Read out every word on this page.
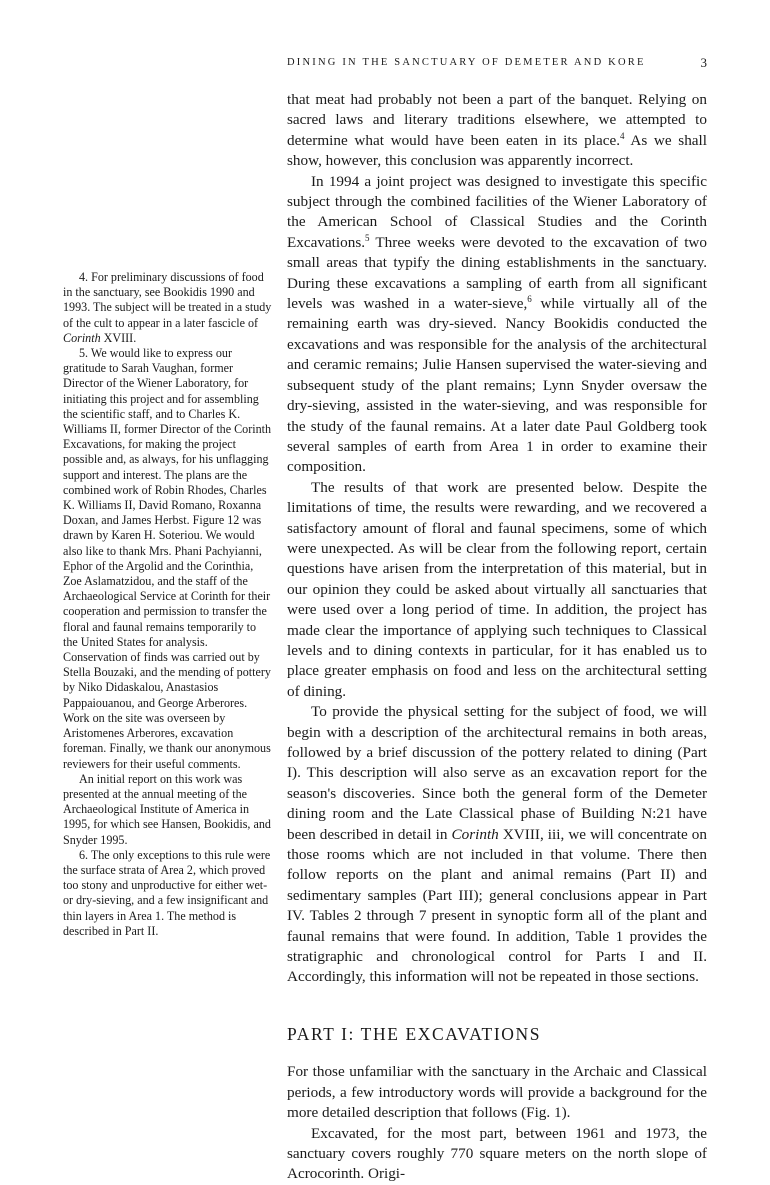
DINING IN THE SANCTUARY OF DEMETER AND KORE	3

that meat had probably not been a part of the banquet. Relying on sacred laws and literary traditions elsewhere, we attempted to determine what would have been eaten in its place.$^4$ As we shall show, however, this conclusion was apparently incorrect.

In 1994 a joint project was designed to investigate this specific subject through the combined facilities of the Wiener Laboratory of the American School of Classical Studies and the Corinth Excavations.$^5$ Three weeks were devoted to the excavation of two small areas that typify the dining establishments in the sanctuary. During these excavations a sampling of earth from all significant levels was washed in a water-sieve,$^6$ while virtually all of the remaining earth was dry-sieved. Nancy Bookidis conducted the excavations and was responsible for the analysis of the architectural and ceramic remains; Julie Hansen supervised the water-sieving and subsequent study of the plant remains; Lynn Snyder oversaw the dry-sieving, assisted in the water-sieving, and was responsible for the study of the faunal remains. At a later date Paul Goldberg took several samples of earth from Area 1 in order to examine their composition.

The results of that work are presented below. Despite the limitations of time, the results were rewarding, and we recovered a satisfactory amount of floral and faunal specimens, some of which were unexpected. As will be clear from the following report, certain questions have arisen from the interpretation of this material, but in our opinion they could be asked about virtually all sanctuaries that were used over a long period of time. In addition, the project has made clear the importance of applying such techniques to Classical levels and to dining contexts in particular, for it has enabled us to place greater emphasis on food and less on the architectural setting of dining.

To provide the physical setting for the subject of food, we will begin with a description of the architectural remains in both areas, followed by a brief discussion of the pottery related to dining (Part I). This description will also serve as an excavation report for the season's discoveries. Since both the general form of the Demeter dining room and the Late Classical phase of Building N:21 have been described in detail in Corinth XVIII, iii, we will concentrate on those rooms which are not included in that volume. There then follow reports on the plant and animal remains (Part II) and sedimentary samples (Part III); general conclusions appear in Part IV. Tables 2 through 7 present in synoptic form all of the plant and faunal remains that were found. In addition, Table 1 provides the stratigraphic and chronological control for Parts I and II. Accordingly, this information will not be repeated in those sections.

PART I: THE EXCAVATIONS

For those unfamiliar with the sanctuary in the Archaic and Classical periods, a few introductory words will provide a background for the more detailed description that follows (Fig. 1).

Excavated, for the most part, between 1961 and 1973, the sanctuary covers roughly 770 square meters on the north slope of Acrocorinth. Origi-

4. For preliminary discussions of food in the sanctuary, see Bookidis 1990 and 1993. The subject will be treated in a study of the cult to appear in a later fascicle of Corinth XVIII.

5. We would like to express our gratitude to Sarah Vaughan, former Director of the Wiener Laboratory, for initiating this project and for assembling the scientific staff, and to Charles K. Williams II, former Director of the Corinth Excavations, for making the project possible and, as always, for his unflagging support and interest. The plans are the combined work of Robin Rhodes, Charles K. Williams II, David Romano, Roxanna Doxan, and James Herbst. Figure 12 was drawn by Karen H. Soteriou. We would also like to thank Mrs. Phani Pachyianni, Ephor of the Argolid and the Corinthia, Zoe Aslamatzidou, and the staff of the Archaeological Service at Corinth for their cooperation and permission to transfer the floral and faunal remains temporarily to the United States for analysis. Conservation of finds was carried out by Stella Bouzaki, and the mending of pottery by Niko Didaskalou, Anastasios Pappaiouanou, and George Arberores. Work on the site was overseen by Aristomenes Arberores, excavation foreman. Finally, we thank our anonymous reviewers for their useful comments.

An initial report on this work was presented at the annual meeting of the Archaeological Institute of America in 1995, for which see Hansen, Bookidis, and Snyder 1995.

6. The only exceptions to this rule were the surface strata of Area 2, which proved too stony and unproductive for either wet- or dry-sieving, and a few insignificant and thin layers in Area 1. The method is described in Part II.
